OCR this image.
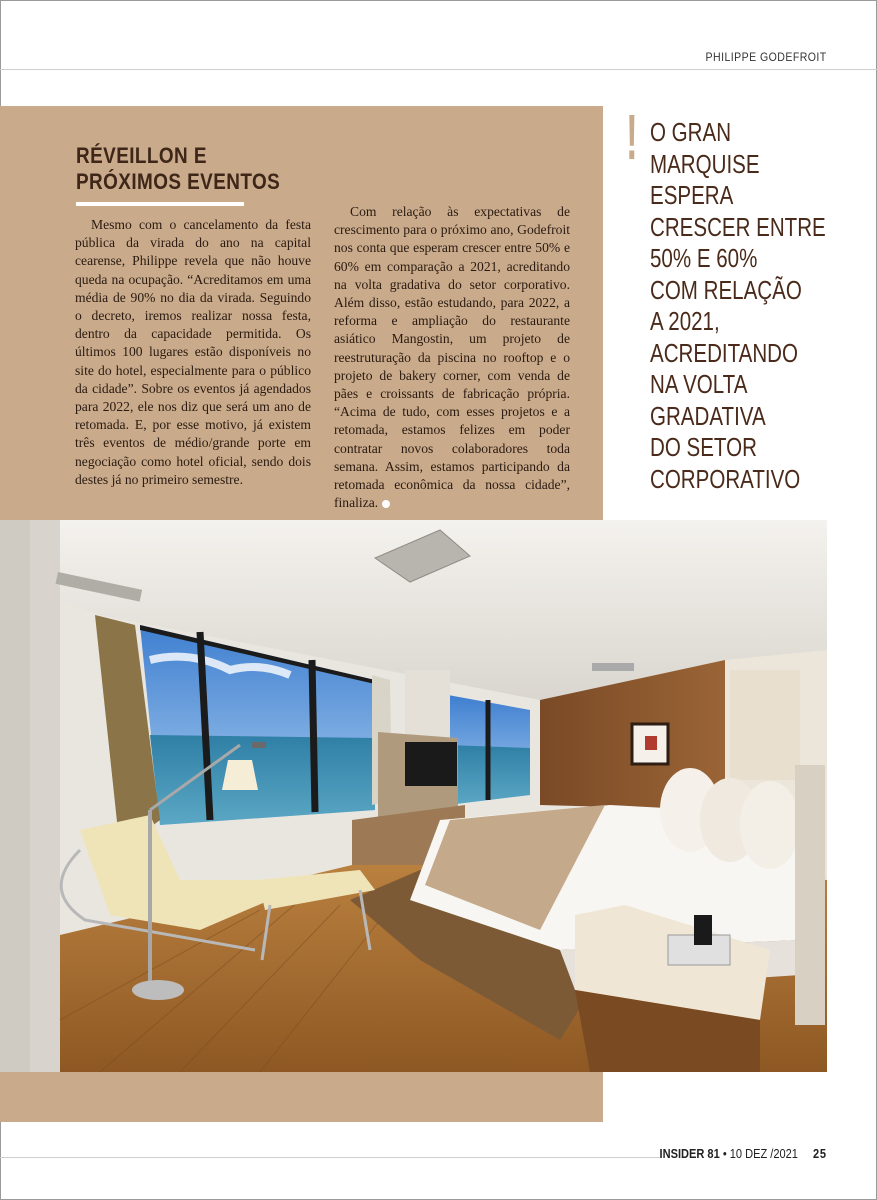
PHILIPPE GODEFROIT
RÉVEILLON E
PRÓXIMOS EVENTOS

Mesmo com o cancelamento da festa pública da virada do ano na capital cearense, Philippe revela que não houve queda na ocupação. “Acreditamos em uma média de 90% no dia da virada. Seguindo o decreto, iremos realizar nossa festa, dentro da capacidade permitida. Os últimos 100 lugares estão disponíveis no site do hotel, especialmente para o público da cidade”. Sobre os eventos já agendados para 2022, ele nos diz que será um ano de retomada. E, por esse motivo, já existem três eventos de médio/grande porte em negociação como hotel oficial, sendo dois destes já no primeiro semestre.

Com relação às expectativas de crescimento para o próximo ano, Godefroit nos conta que esperam crescer entre 50% e 60% em comparação a 2021, acreditando na volta gradativa do setor corporativo. Além disso, estão estudando, para 2022, a reforma e ampliação do restaurante asiático Mangostin, um projeto de reestruturação da piscina no rooftop e o projeto de bakery corner, com venda de pães e croissants de fabricação própria. “Acima de tudo, com esses projetos e a retomada, estamos felizes em poder contratar novos colaboradores toda semana. Assim, estamos participando da retomada econômica da nossa cidade”, finaliza.

! O GRAN
MARQUISE
ESPERA
CRESCER ENTRE
50% E 60%
COM RELAÇÃO
A 2021,
ACREDITANDO
NA VOLTA
GRADATIVA
DO SETOR
CORPORATIVO
INSIDER 81 • 10 DEZ /2021 25
